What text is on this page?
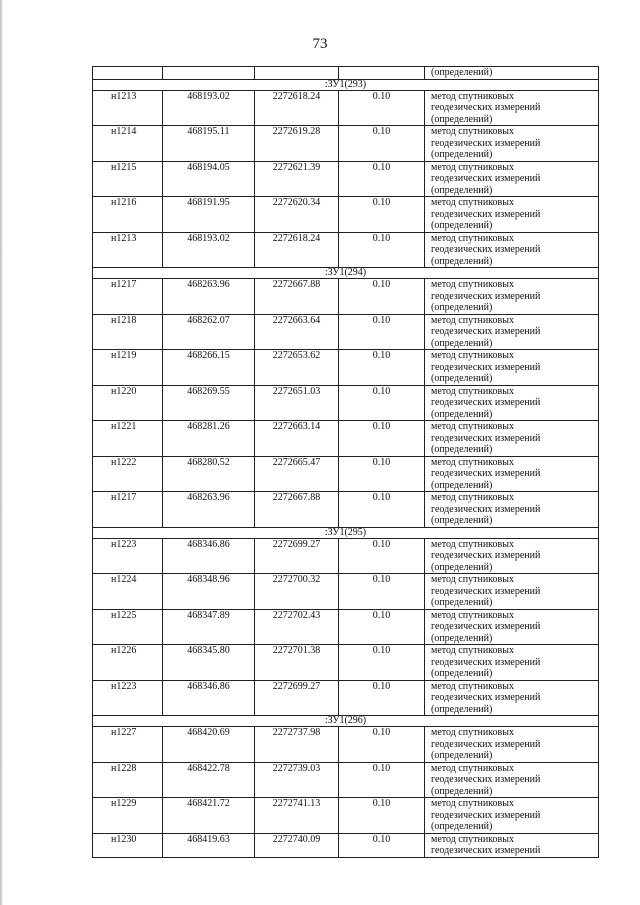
73
				(определений)
:ЗУ1(293)				
н1213	468193.02	2272618.24	0.10	метод спутниковых
геодезических измерений
(определений)

н1214	468195.11	2272619.28	0.10	метод спутниковых
геодезических измерений
(определений)

н1215	468194.05	2272621.39	0.10	метод спутниковых
геодезических измерений
(определений)

н1216	468191.95	2272620.34	0.10	метод спутниковых
геодезических измерений
(определений)

н1213	468193.02	2272618.24	0.10	метод спутниковых
геодезических измерений
(определений)

:ЗУ1(294)				
н1217	468263.96	2272667.88	0.10	метод спутниковых
геодезических измерений
(определений)

н1218	468262.07	2272663.64	0.10	метод спутниковых
геодезических измерений
(определений)

н1219	468266.15	2272653.62	0.10	метод спутниковых
геодезических измерений
(определений)

н1220	468269.55	2272651.03	0.10	метод спутниковых
геодезических измерений
(определений)

н1221	468281.26	2272663.14	0.10	метод спутниковых
геодезических измерений
(определений)

н1222	468280.52	2272665.47	0.10	метод спутниковых
геодезических измерений
(определений)

н1217	468263.96	2272667.88	0.10	метод спутниковых
геодезических измерений
(определений)

:ЗУ1(295)				
н1223	468346.86	2272699.27	0.10	метод спутниковых
геодезических измерений
(определений)

н1224	468348.96	2272700.32	0.10	метод спутниковых
геодезических измерений
(определений)

н1225	468347.89	2272702.43	0.10	метод спутниковых
геодезических измерений
(определений)

н1226	468345.80	2272701.38	0.10	метод спутниковых
геодезических измерений
(определений)

н1223	468346.86	2272699.27	0.10	метод спутниковых
геодезических измерений
(определений)

:ЗУ1(296)				
н1227	468420.69	2272737.98	0.10	метод спутниковых
геодезических измерений
(определений)

н1228	468422.78	2272739.03	0.10	метод спутниковых
геодезических измерений
(определений)

н1229	468421.72	2272741.13	0.10	метод спутниковых
геодезических измерений
(определений)

н1230	468419.63	2272740.09	0.10	метод спутниковых
геодезических измерений
